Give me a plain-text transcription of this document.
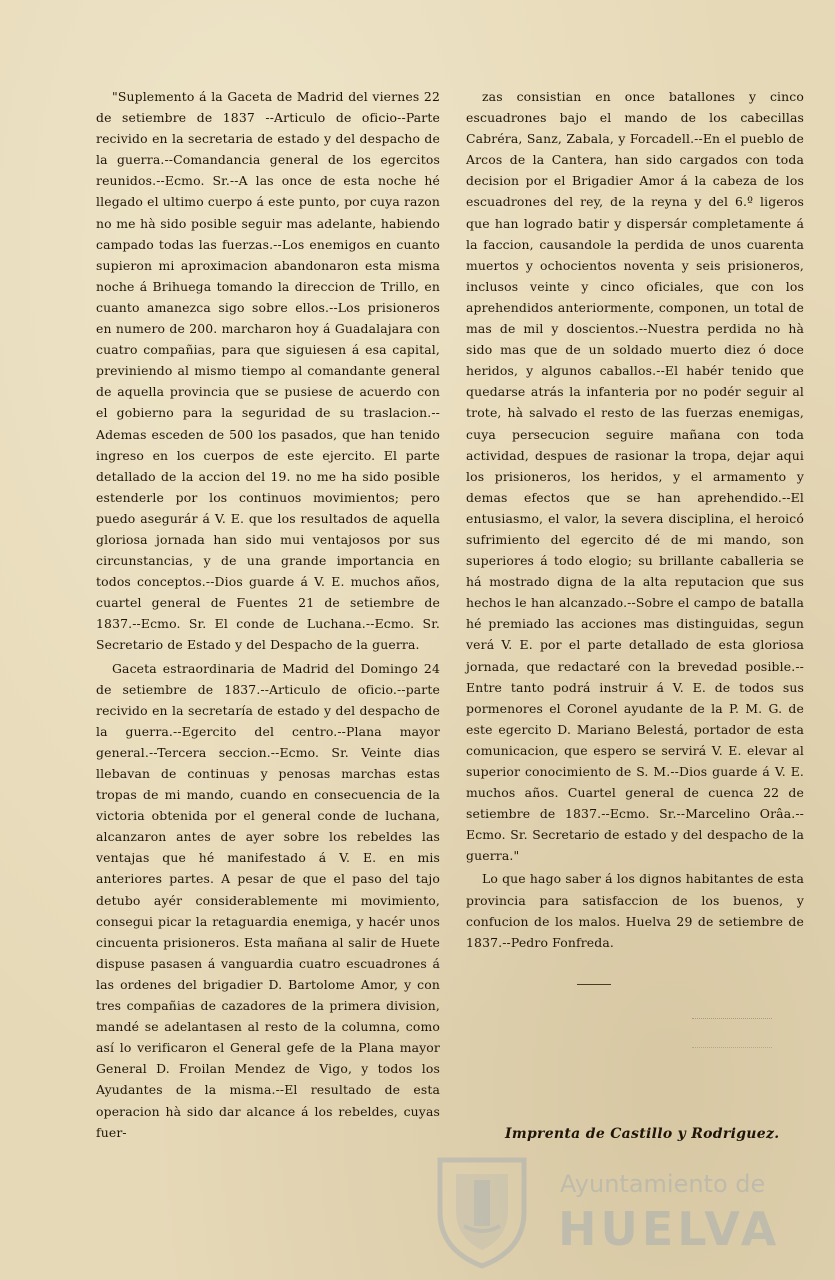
"Suplemento á la Gaceta de Madrid del viernes 22 de setiembre de 1837 --Articulo de oficio--Parte recivido en la secretaria de estado y del despacho de la guerra.--Comandancia general de los egercitos reunidos.--Ecmo. Sr.--A las once de esta noche hé llegado el ultimo cuerpo á este punto, por cuya razon no me hà sido posible seguir mas adelante, habiendo campado todas las fuerzas.--Los enemigos en cuanto supieron mi aproximacion abandonaron esta misma noche á Brihuega tomando la direccion de Trillo, en cuanto amanezca sigo sobre ellos.--Los prisioneros en numero de 200. marcharon hoy á Guadalajara con cuatro compañias, para que siguiesen á esa capital, previniendo al mismo tiempo al comandante general de aquella provincia que se pusiese de acuerdo con el gobierno para la seguridad de su traslacion.--Ademas esceden de 500 los pasados, que han tenido ingreso en los cuerpos de este ejercito. El parte detallado de la accion del 19. no me ha sido posible estenderle por los continuos movimientos; pero puedo asegurár á V. E. que los resultados de aquella gloriosa jornada han sido mui ventajosos por sus circunstancias, y de una grande importancia en todos conceptos.--Dios guarde á V. E. muchos años, cuartel general de Fuentes 21 de setiembre de 1837.--Ecmo. Sr. El conde de Luchana.--Ecmo. Sr. Secretario de Estado y del Despacho de la guerra.

Gaceta estraordinaria de Madrid del Domingo 24 de setiembre de 1837.--Articulo de oficio.--parte recivido en la secretaría de estado y del despacho de la guerra.--Egercito del centro.--Plana mayor general.--Tercera seccion.--Ecmo. Sr. Veinte dias llebavan de continuas y penosas marchas estas tropas de mi mando, cuando en consecuencia de la victoria obtenida por el general conde de luchana, alcanzaron antes de ayer sobre los rebeldes las ventajas que hé manifestado á V. E. en mis anteriores partes. A pesar de que el paso del tajo detubo ayér considerablemente mi movimiento, consegui picar la retaguardia enemiga, y hacér unos cincuenta prisioneros. Esta mañana al salir de Huete dispuse pasasen á vanguardia cuatro escuadrones á las ordenes del brigadier D. Bartolome Amor, y con tres compañias de cazadores de la primera division, mandé se adelantasen al resto de la columna, como así lo verificaron el General gefe de la Plana mayor General D. Froilan Mendez de Vigo, y todos los Ayudantes de la misma.--El resultado de esta operacion hà sido dar alcance á los rebeldes, cuyas fuer-

zas consistian en once batallones y cinco escuadrones bajo el mando de los cabecillas Cabréra, Sanz, Zabala, y Forcadell.--En el pueblo de Arcos de la Cantera, han sido cargados con toda decision por el Brigadier Amor á la cabeza de los escuadrones del rey, de la reyna y del 6.º ligeros que han logrado batir y dispersár completamente á la faccion, causandole la perdida de unos cuarenta muertos y ochocientos noventa y seis prisioneros, inclusos veinte y cinco oficiales, que con los aprehendidos anteriormente, componen, un total de mas de mil y doscientos.--Nuestra perdida no hà sido mas que de un soldado muerto diez ó doce heridos, y algunos caballos.--El habér tenido que quedarse atrás la infanteria por no podér seguir al trote, hà salvado el resto de las fuerzas enemigas, cuya persecucion seguire mañana con toda actividad, despues de rasionar la tropa, dejar aqui los prisioneros, los heridos, y el armamento y demas efectos que se han aprehendido.--El entusiasmo, el valor, la severa disciplina, el heroicó sufrimiento del egercito dé de mi mando, son superiores á todo elogio; su brillante caballeria se há mostrado digna de la alta reputacion que sus hechos le han alcanzado.--Sobre el campo de batalla hé premiado las acciones mas distinguidas, segun verá V. E. por el parte detallado de esta gloriosa jornada, que redactaré con la brevedad posible.--Entre tanto podrá instruir á V. E. de todos sus pormenores el Coronel ayudante de la P. M. G. de este egercito D. Mariano Belestá, portador de esta comunicacion, que espero se servirá V. E. elevar al superior conocimiento de S. M.--Dios guarde á V. E. muchos años. Cuartel general de cuenca 22 de setiembre de 1837.--Ecmo. Sr.--Marcelino Orâa.--Ecmo. Sr. Secretario de estado y del despacho de la guerra."

Lo que hago saber á los dignos habitantes de esta provincia para satisfaccion de los buenos, y confucion de los malos. Huelva 29 de setiembre de 1837.--Pedro Fonfreda.

Imprenta de Castillo y Rodriguez.
Ayuntamiento de
HUELVA
